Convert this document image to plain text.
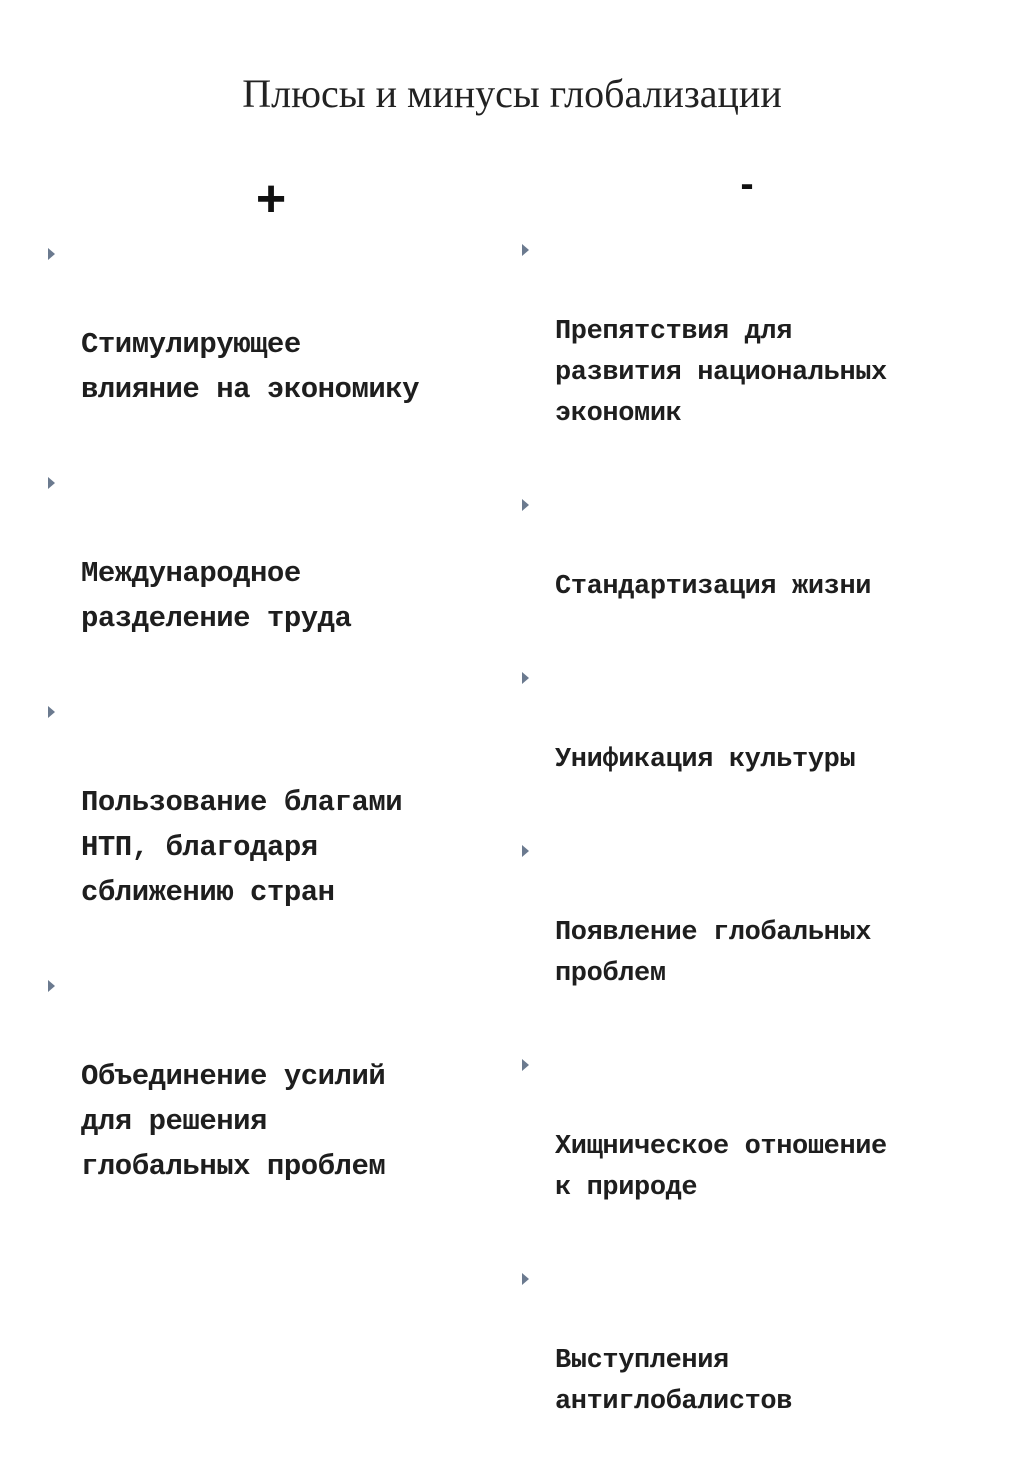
Плюсы и минусы глобализации
+	-

Стимулирующее
влияние на экономику

Международное
разделение труда

Пользование благами
НТП, благодаря
сближению стран

Объединение усилий
для решения
глобальных проблем

Препятствия для
развития национальных
экономик

Стандартизация жизни

Унификация культуры

Появление глобальных
проблем

Хищническое отношение
к природе

Выступления
антиглобалистов
